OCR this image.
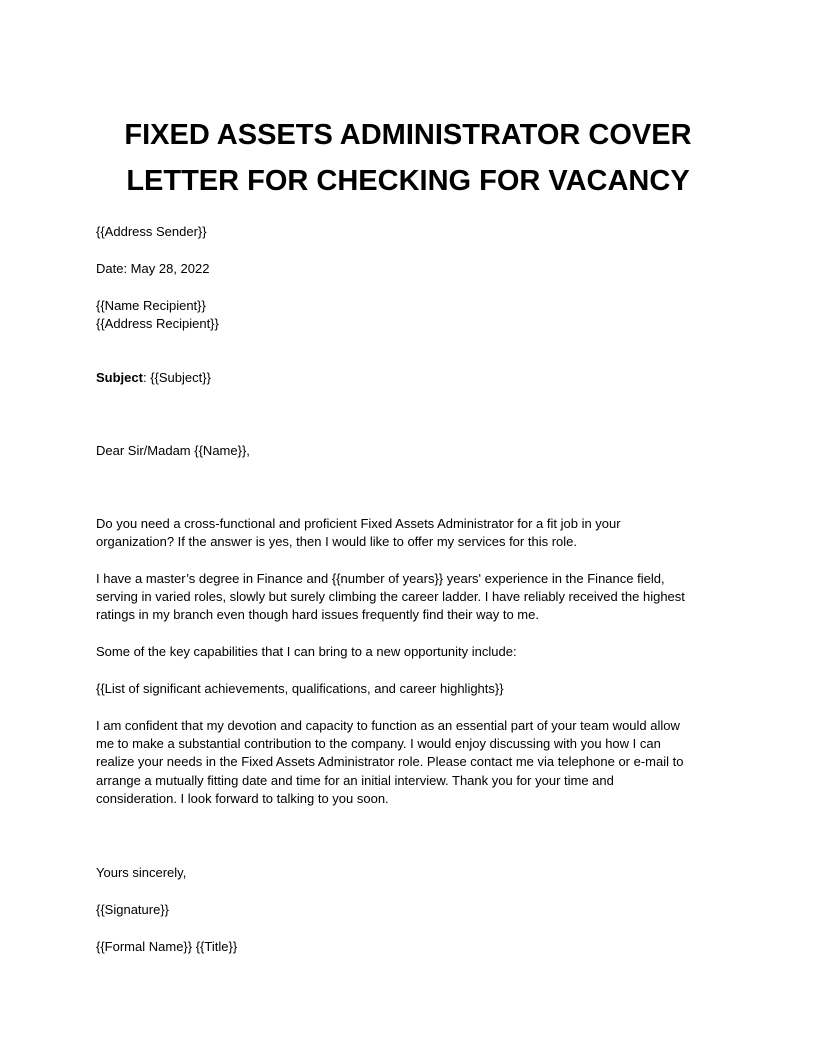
FIXED ASSETS ADMINISTRATOR COVER
LETTER FOR CHECKING FOR VACANCY

{{Address Sender}}

Date: May 28, 2022

{{Name Recipient}}

{{Address Recipient}}

Subject: {{Subject}}

Dear Sir/Madam {{Name}},

Do you need a cross-functional and proficient Fixed Assets Administrator for a fit job in your
organization? If the answer is yes, then I would like to offer my services for this role.
I have a master’s degree in Finance and {{number of years}} years' experience in the Finance field,
serving in varied roles, slowly but surely climbing the career ladder. I have reliably received the highest
ratings in my branch even though hard issues frequently find their way to me.

Some of the key capabilities that I can bring to a new opportunity include:

{{List of significant achievements, qualifications, and career highlights}}

I am confident that my devotion and capacity to function as an essential part of your team would allow
me to make a substantial contribution to the company. I would enjoy discussing with you how I can
realize your needs in the Fixed Assets Administrator role. Please contact me via telephone or e-mail to
arrange a mutually fitting date and time for an initial interview. Thank you for your time and
consideration. I look forward to talking to you soon.

Yours sincerely,

{{Signature}}

{{Formal Name}} {{Title}}
